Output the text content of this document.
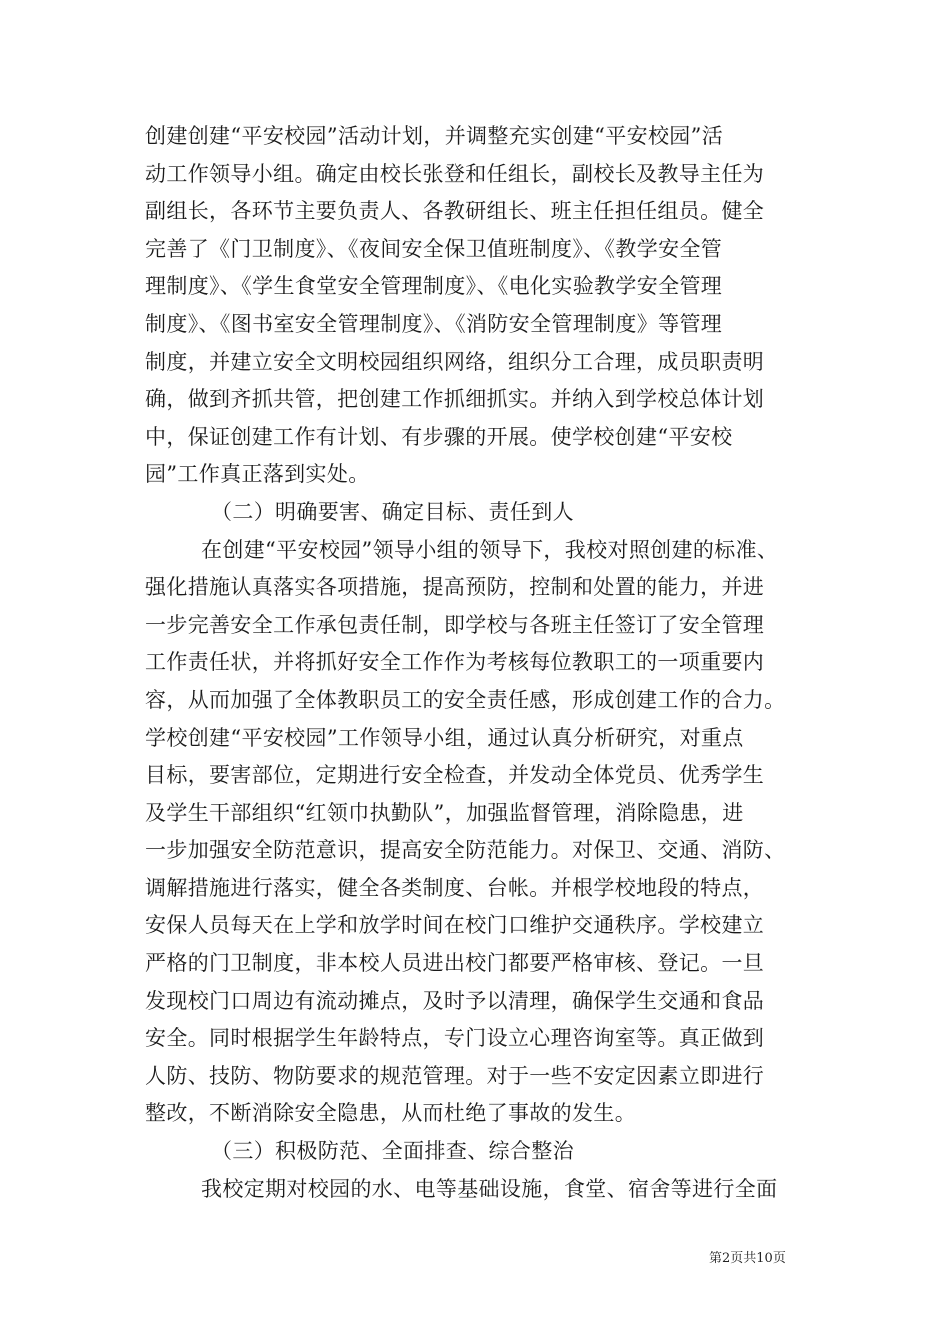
创建创建“平安校园”活动计划，并调整充实创建“平安校园”活
动工作领导小组。确定由校长张登和任组长，副校长及教导主任为
副组长，各环节主要负责人、各教研组长、班主任担任组员。健全
完善了《门卫制度》、《夜间安全保卫值班制度》、《教学安全管
理制度》、《学生食堂安全管理制度》、《电化实验教学安全管理
制度》、《图书室安全管理制度》、《消防安全管理制度》等管理
制度，并建立安全文明校园组织网络，组织分工合理，成员职责明
确，做到齐抓共管，把创建工作抓细抓实。并纳入到学校总体计划
中，保证创建工作有计划、有步骤的开展。使学校创建“平安校
园”工作真正落到实处。
（二）明确要害、确定目标、责任到人
在创建“平安校园”领导小组的领导下，我校对照创建的标准、
强化措施认真落实各项措施，提高预防，控制和处置的能力，并进
一步完善安全工作承包责任制，即学校与各班主任签订了安全管理
工作责任状，并将抓好安全工作作为考核每位教职工的一项重要内
容，从而加强了全体教职员工的安全责任感，形成创建工作的合力。
学校创建“平安校园”工作领导小组，通过认真分析研究，对重点
目标，要害部位，定期进行安全检查，并发动全体党员、优秀学生
及学生干部组织“红领巾执勤队”，加强监督管理，消除隐患，进
一步加强安全防范意识，提高安全防范能力。对保卫、交通、消防、
调解措施进行落实，健全各类制度、台帐。并根学校地段的特点，
安保人员每天在上学和放学时间在校门口维护交通秩序。学校建立
严格的门卫制度，非本校人员进出校门都要严格审核、登记。一旦
发现校门口周边有流动摊点，及时予以清理，确保学生交通和食品
安全。同时根据学生年龄特点，专门设立心理咨询室等。真正做到
人防、技防、物防要求的规范管理。对于一些不安定因素立即进行
整改，不断消除安全隐患，从而杜绝了事故的发生。
（三）积极防范、全面排查、综合整治
我校定期对校园的水、电等基础设施，食堂、宿舍等进行全面
第2页共10页
